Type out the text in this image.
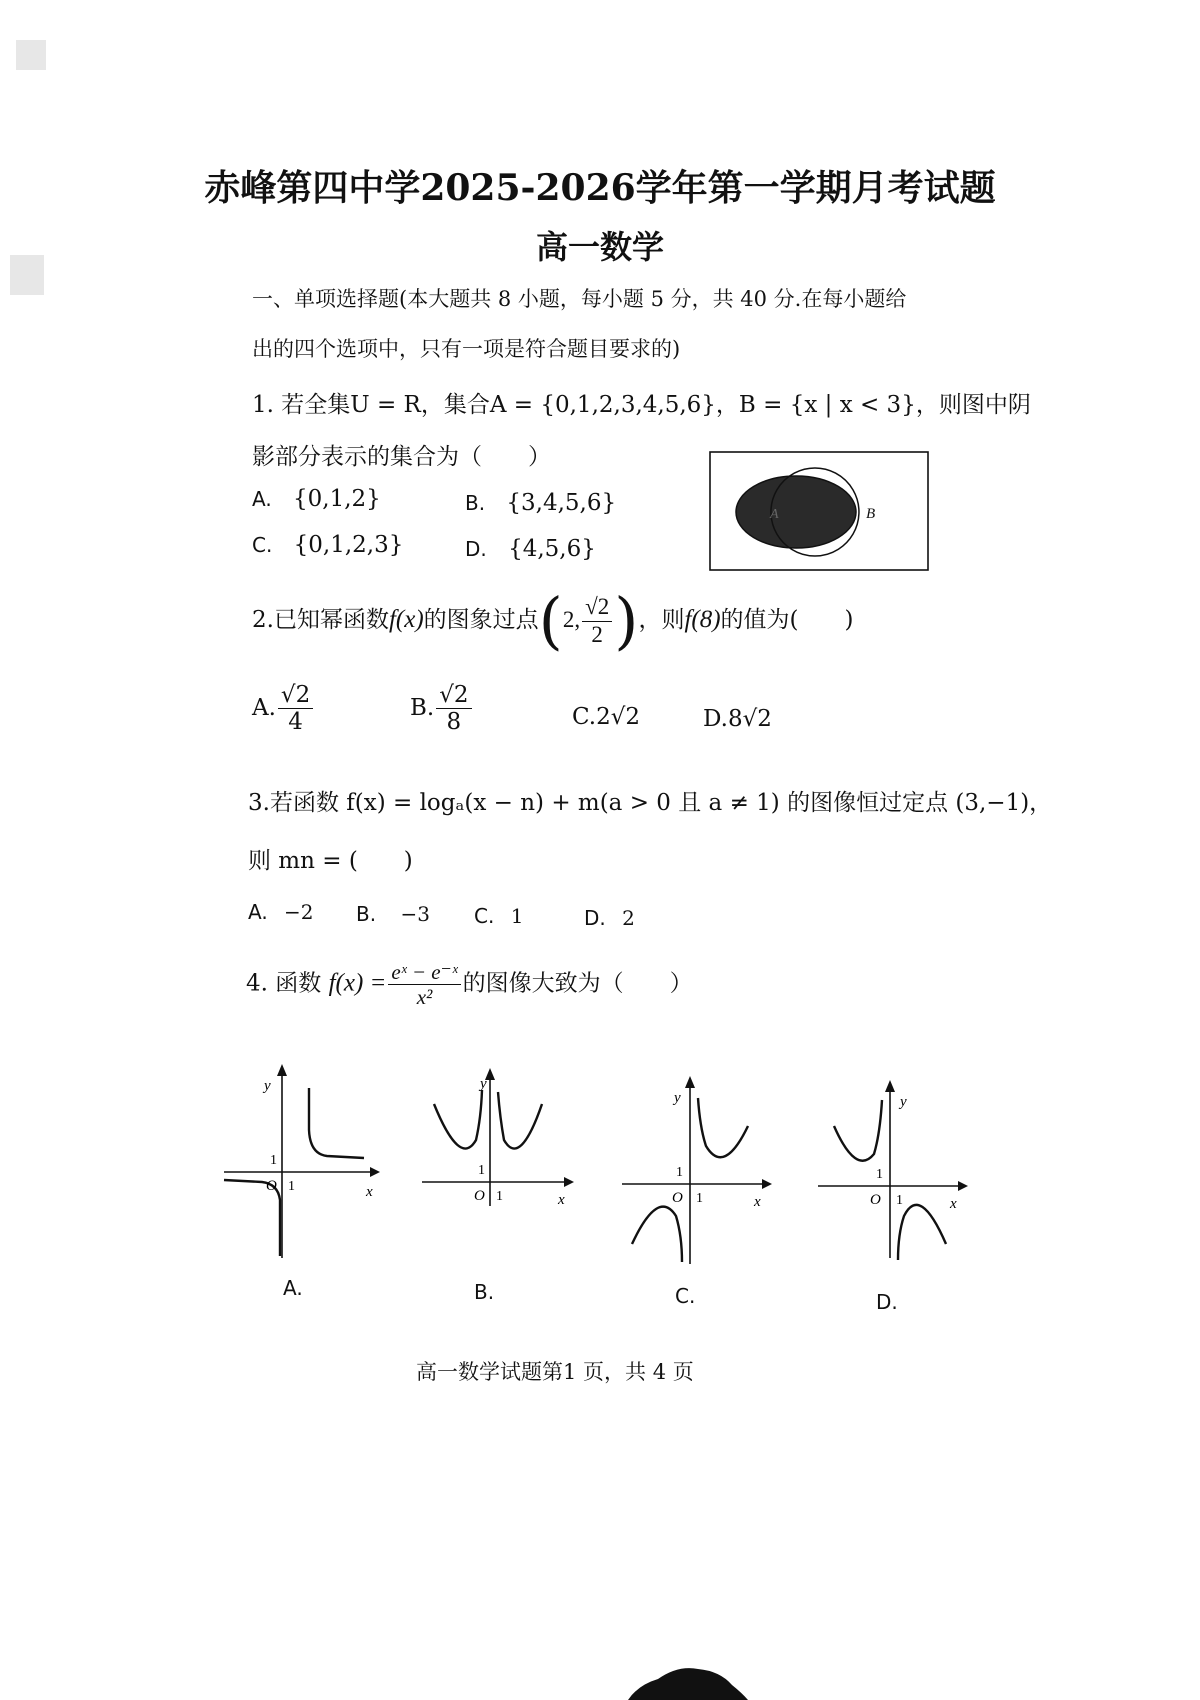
赤峰第四中学2025-2026学年第一学期月考试题
高一数学
一、单项选择题(本大题共 8 小题，每小题 5 分，共 40 分.在每小题给
出的四个选项中，只有一项是符合题目要求的)
1. 若全集U = R，集合A = {0,1,2,3,4,5,6}，B = {x | x < 3}，则图中阴
影部分表示的集合为（　　）
A. {0,1,2}	B. {3,4,5,6}
C. {0,1,2,3}	D. {4,5,6}
A	B
2.已知幂函数f(x)的图象过点(2, $\frac{√2}{2}$ )，则f(8)的值为(　　)
A. $\frac{√2}{4}$	B. $\frac{√2}{8}$	C.2√2	D.8√2
3.若函数 f(x) = logₐ(x − n) + m(a > 0 且 a ≠ 1) 的图像恒过定点 (3,−1)，
则 mn = (　　)
A. −2 B. −3 C. 1	D. 2
4. 函数 $f(x) = \frac{\text{eˣ − e⁻ˣ}}{\text{x²}}$ 的图像大致为（　　）
y
x
O 1
1
A.
y
x
O 1
1
B.
y
x
O 1
1
C.
y
x
O 1
1
D.
高一数学试题第1 页，共 4 页
